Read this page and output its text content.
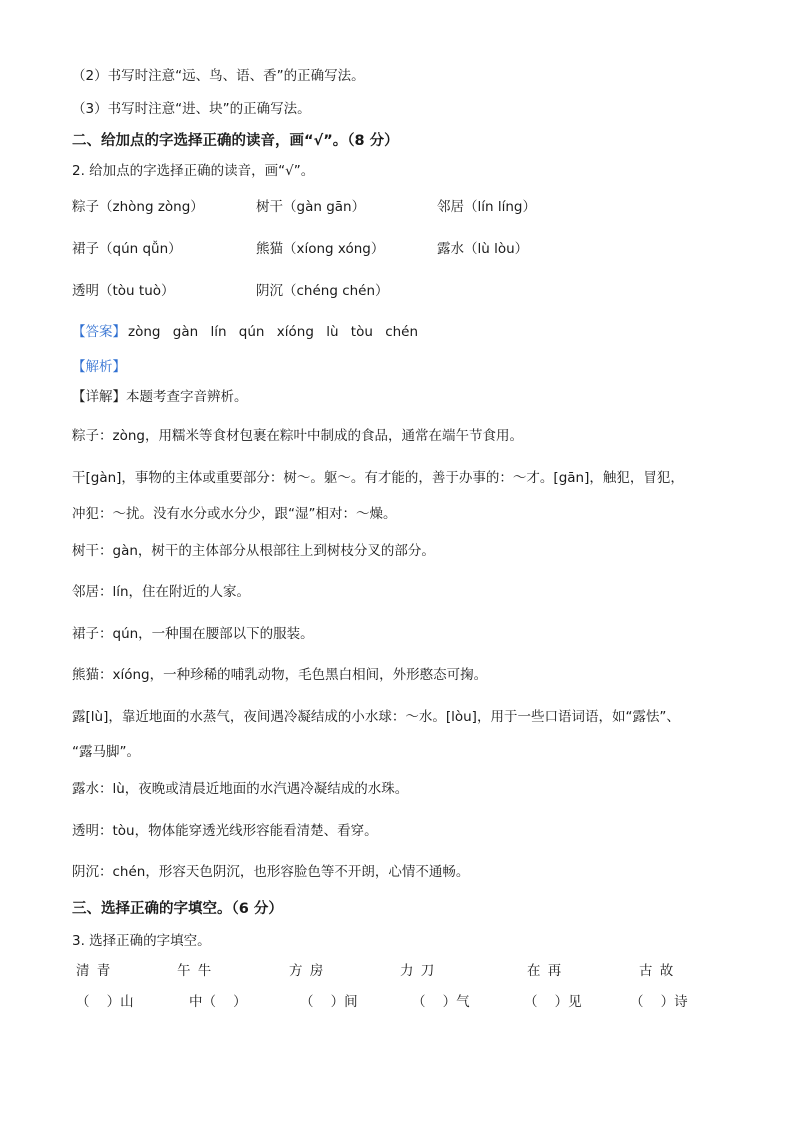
（2）书写时注意“远、鸟、语、香”的正确写法。
（3）书写时注意“进、块”的正确写法。
二、给加点的字选择正确的读音，画“√”。（8 分）
2. 给加点的字选择正确的读音，画“√”。
粽子（zhòng zòng）	树干（gàn gān）	邻居（lín líng）
裙子（qún qǚn）	熊猫（xíong xóng）	露水（lù lòu）
透明（tòu tuò）	阴沉（chéng chén）
【答案】 zòng gàn lín qún xíóng lù tòu chén
【解析】
【详解】本题考查字音辨析。
粽子：zòng，用糯米等食材包裹在粽叶中制成的食品，通常在端午节食用。
干[gàn]，事物的主体或重要部分：树～。躯～。有才能的，善于办事的：～才。[gān]，触犯，冒犯，
冲犯：～扰。没有水分或水分少，跟“湿”相对：～燥。
树干：gàn，树干的主体部分从根部往上到树枝分叉的部分。
邻居：lín，住在附近的人家。
裙子：qún，一种围在腰部以下的服装。
熊猫：xíóng，一种珍稀的哺乳动物，毛色黑白相间，外形憨态可掬。
露[lù]，靠近地面的水蒸气，夜间遇冷凝结成的小水球：～水。[lòu]，用于一些口语词语，如“露怯”、
“露马脚”。
露水：lù，夜晚或清晨近地面的水汽遇冷凝结成的水珠。
透明：tòu，物体能穿透光线形容能看清楚、看穿。
阴沉：chén，形容天色阴沉，也形容脸色等不开朗，心情不通畅。
三、选择正确的字填空。（6 分）
3. 选择正确的字填空。
清 青	午 牛	方 房	力 刀	在 再	古 故
（    ）山	中（    ）	（    ）间	（    ）气	（    ）见	（    ）诗
